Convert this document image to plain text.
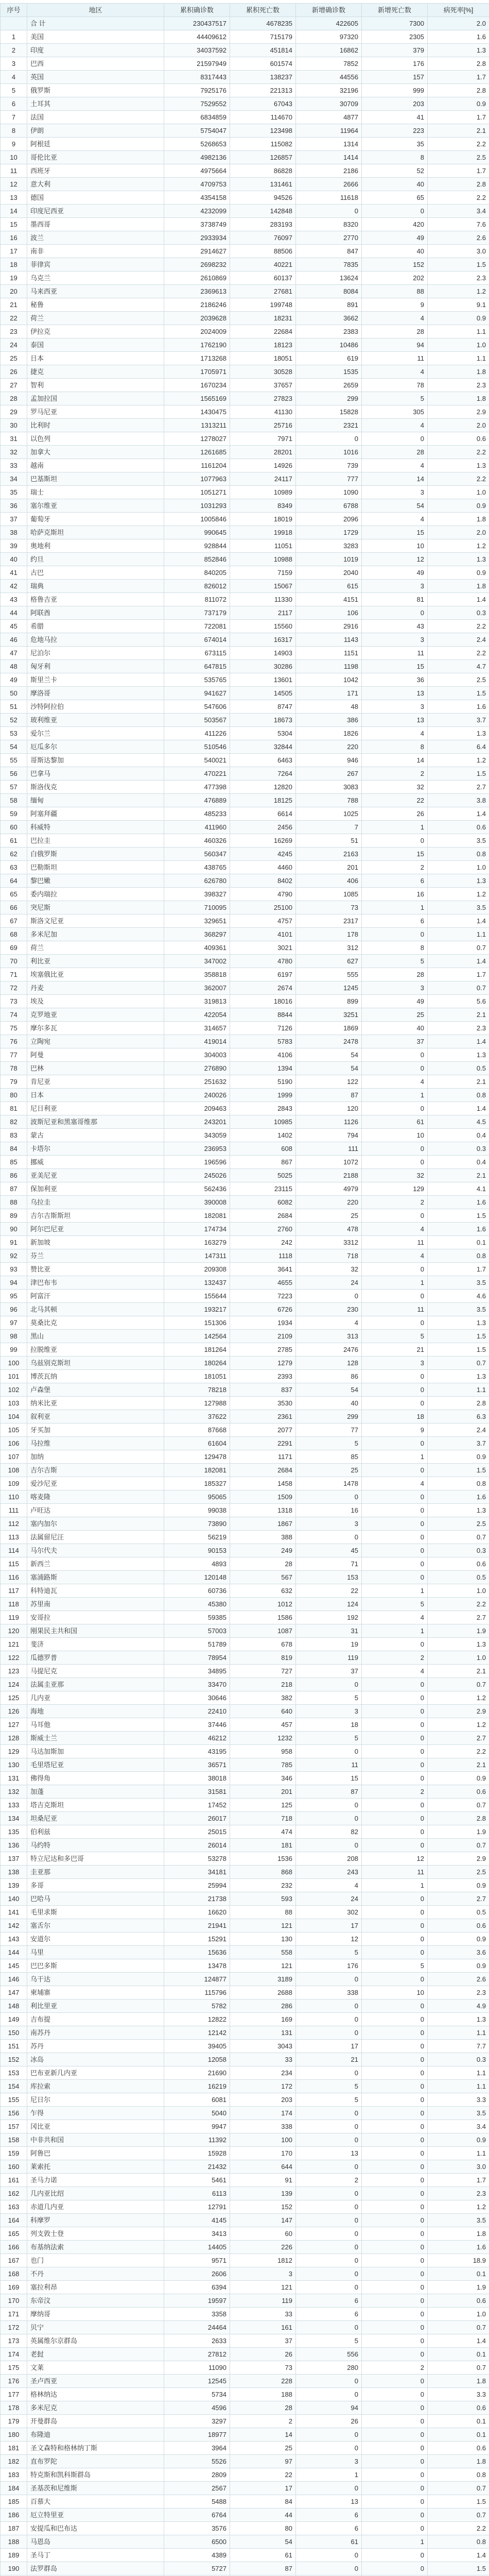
序号	地区	累积确诊数	累积死亡数	新增确诊数	新增死亡数	病死率[%]
	合 计	230437517	4678235	422605	7300	2.0
1	美国	44409612	715179	97320	2305	1.6
2	印度	34037592	451814	16862	379	1.3
3	巴西	21597949	601574	7852	176	2.8
4	英国	8317443	138237	44556	157	1.7
5	俄罗斯	7925176	221313	32196	999	2.8
6	土耳其	7529552	67043	30709	203	0.9
7	法国	6834859	114670	4877	41	1.7
8	伊朗	5754047	123498	11964	223	2.1
9	阿根廷	5268653	115082	1314	35	2.2
10	哥伦比亚	4982136	126857	1414	8	2.5
11	西班牙	4975664	86828	2186	52	1.7
12	意大利	4709753	131461	2666	40	2.8
13	德国	4354158	94526	11618	65	2.2
14	印度尼西亚	4232099	142848	0	0	3.4
15	墨西哥	3738749	283193	8320	420	7.6
16	波兰	2933934	76097	2770	49	2.6
17	南非	2914627	88506	847	40	3.0
18	菲律宾	2698232	40221	7835	152	1.5
19	乌克兰	2610869	60137	13624	202	2.3
20	马来西亚	2369613	27681	8084	88	1.2
21	秘鲁	2186246	199748	891	9	9.1
22	荷兰	2039628	18231	3662	4	0.9
23	伊拉克	2024009	22684	2383	28	1.1
24	泰国	1762190	18123	10486	94	1.0
25	日本	1713268	18051	619	11	1.1
26	捷克	1705971	30528	1535	4	1.8
27	智利	1670234	37657	2659	78	2.3
28	孟加拉国	1565169	27823	299	5	1.8
29	罗马尼亚	1430475	41130	15828	305	2.9
30	比利时	1313211	25716	2321	4	2.0
31	以色列	1278027	7971	0	0	0.6
32	加拿大	1261685	28201	1016	28	2.2
33	越南	1161204	14926	739	4	1.3
34	巴基斯坦	1077963	24117	777	14	2.2
35	瑞士	1051271	10989	1090	3	1.0
36	塞尔维亚	1031293	8349	6788	54	0.9
37	葡萄牙	1005846	18019	2096	4	1.8
38	哈萨克斯坦	990645	19918	1729	15	2.0
39	奥地利	928844	11051	3283	10	1.2
40	约旦	852846	10988	1019	12	1.3
41	古巴	840205	7159	2040	49	0.9
42	瑞典	826012	15067	615	3	1.8
43	格鲁吉亚	811072	11330	4151	81	1.4
44	阿联酋	737179	2117	106	0	0.3
45	希腊	722081	15560	2916	43	2.2
46	危地马拉	674014	16317	1143	3	2.4
47	尼泊尔	673115	14903	1151	11	2.2
48	匈牙利	647815	30286	1198	15	4.7
49	斯里兰卡	535765	13601	1042	36	2.5
50	摩洛哥	941627	14505	171	13	1.5
51	沙特阿拉伯	547606	8747	48	3	1.6
52	玻利维亚	503567	18673	386	13	3.7
53	爱尔兰	411226	5304	1826	4	1.3
54	厄瓜多尔	510546	32844	220	8	6.4
55	哥斯达黎加	540021	6463	946	14	1.2
56	巴拿马	470221	7264	267	2	1.5
57	斯洛伐克	477398	12820	3083	32	2.7
58	缅甸	476889	18125	788	22	3.8
59	阿塞拜疆	485233	6614	1025	26	1.4
60	科威特	411960	2456	7	1	0.6
61	巴拉圭	460326	16269	51	0	3.5
62	白俄罗斯	560347	4245	2163	15	0.8
63	巴勒斯坦	438765	4460	201	2	1.0
64	黎巴嫩	626780	8402	406	6	1.3
65	委内瑞拉	398327	4790	1085	16	1.2
66	突尼斯	710095	25100	73	1	3.5
67	斯洛文尼亚	329651	4757	2317	6	1.4
68	多米尼加	368297	4101	178	0	1.1
69	荷兰	409361	3021	312	8	0.7
70	利比亚	347002	4780	627	5	1.4
71	埃塞俄比亚	358818	6197	555	28	1.7
72	丹麦	362007	2674	1245	3	0.7
73	埃及	319813	18016	899	49	5.6
74	克罗地亚	422054	8844	3251	25	2.1
75	摩尔多瓦	314657	7126	1869	40	2.3
76	立陶宛	419014	5783	2478	37	1.4
77	阿曼	304003	4106	54	0	1.3
78	巴林	276890	1394	54	0	0.5
79	肯尼亚	251632	5190	122	4	2.1
80	日本	240026	1999	87	1	0.8
81	尼日利亚	209463	2843	120	0	1.4
82	波斯尼亚和黑塞哥维那	243201	10985	1126	61	4.5
83	蒙古	343059	1402	794	10	0.4
84	卡塔尔	236953	608	111	0	0.3
85	挪威	196596	867	1072	0	0.4
86	亚美尼亚	245026	5025	2188	32	2.1
87	保加利亚	562436	23115	4979	129	4.1
88	乌拉圭	390008	6082	220	2	1.6
89	吉尔吉斯斯坦	182081	2684	25	0	1.5
90	阿尔巴尼亚	174734	2760	478	4	1.6
91	新加坡	163279	242	3312	11	0.1
92	芬兰	147311	1118	718	4	0.8
93	赞比亚	209308	3641	32	0	1.7
94	津巴布韦	132437	4655	24	1	3.5
95	阿富汗	155644	7223	0	0	4.6
96	北马其顿	193217	6726	230	11	3.5
97	莫桑比克	151306	1934	4	0	1.3
98	黑山	142564	2109	313	5	1.5
99	拉脱维亚	181264	2785	2476	21	1.5
100	乌兹别克斯坦	180264	1279	128	3	0.7
101	博茨瓦纳	181051	2393	86	0	1.3
102	卢森堡	78218	837	54	0	1.1
103	纳米比亚	127988	3530	40	0	2.8
104	叙利亚	37622	2361	299	18	6.3
105	牙买加	87668	2077	77	9	2.4
106	马拉维	61604	2291	5	0	3.7
107	加纳	129478	1171	85	1	0.9
108	吉尔吉斯	182081	2684	25	0	1.5
109	爱沙尼亚	185327	1458	1478	4	0.8
110	喀麦隆	95065	1509	0	0	1.6
111	卢旺达	99038	1318	16	0	1.3
112	塞内加尔	73890	1867	3	0	2.5
113	法属留尼汪	56219	388	0	0	0.7
114	马尔代夫	90153	249	45	0	0.3
115	新西兰	4893	28	71	0	0.6
116	塞浦路斯	120148	567	153	0	0.5
117	科特迪瓦	60736	632	22	1	1.0
118	苏里南	45380	1012	124	5	2.2
119	安哥拉	59385	1586	192	4	2.7
120	刚果民主共和国	57003	1087	31	1	1.9
121	斐济	51789	678	19	0	1.3
122	瓜德罗普	78954	819	119	2	1.0
123	马提尼克	34895	727	37	4	2.1
124	法属圭亚那	33470	218	0	0	0.7
125	几内亚	30646	382	5	0	1.2
126	海地	22410	640	3	0	2.9
127	马耳他	37446	457	18	0	1.2
128	斯威士兰	46212	1232	5	0	2.7
129	马达加斯加	43195	958	0	0	2.2
130	毛里塔尼亚	36571	785	11	0	2.1
131	佛得角	38018	346	15	0	0.9
132	加蓬	31581	201	87	2	0.6
133	塔吉克斯坦	17452	125	0	0	0.7
134	坦桑尼亚	26017	718	0	0	2.8
135	伯利兹	25015	474	82	0	1.9
136	马约特	26014	181	0	0	0.7
137	特立尼达和多巴哥	53278	1536	208	12	2.9
138	圭亚那	34181	868	243	11	2.5
139	多哥	25994	232	4	1	0.9
140	巴哈马	21738	593	24	0	2.7
141	毛里求斯	16620	88	302	0	0.5
142	塞舌尔	21941	121	17	0	0.6
143	安道尔	15291	130	12	0	0.9
144	马里	15636	558	5	0	3.6
145	巴巴多斯	13478	121	176	5	0.9
146	乌干达	124877	3189	0	0	2.6
147	柬埔寨	115796	2688	338	10	2.3
148	利比里亚	5782	286	0	0	4.9
149	吉布提	12822	169	0	0	1.3
150	南苏丹	12142	131	0	0	1.1
151	苏丹	39405	3043	17	0	7.7
152	冰岛	12058	33	21	0	0.3
153	巴布亚新几内亚	21690	234	0	0	1.1
154	库拉索	16219	172	5	0	1.1
155	尼日尔	6081	203	5	0	3.3
156	乍得	5040	174	0	0	3.5
157	冈比亚	9947	338	0	0	3.4
158	中非共和国	11392	100	0	0	0.9
159	阿鲁巴	15928	170	13	0	1.1
160	莱索托	21432	644	0	0	3.0
161	圣马力诺	5461	91	2	0	1.7
162	几内亚比绍	6113	139	0	0	2.3
163	赤道几内亚	12791	152	0	0	1.2
164	科摩罗	4145	147	0	0	3.5
165	列支敦士登	3413	60	0	0	1.8
166	布基纳法索	14405	226	0	0	1.6
167	也门	9571	1812	0	0	18.9
168	不丹	2606	3	0	0	0.1
169	塞拉利昂	6394	121	0	0	1.9
170	东帝汶	19597	119	6	0	0.6
171	摩纳哥	3358	33	6	0	1.0
172	贝宁	24464	161	0	0	0.7
173	英属维尔京群岛	2633	37	5	0	1.4
174	老挝	27812	26	556	0	0.1
175	文莱	11090	73	280	2	0.7
176	圣卢西亚	12545	228	0	0	1.8
177	格林纳达	5734	188	0	0	3.3
178	多米尼克	4596	28	94	0	0.6
179	开曼群岛	3297	2	26	0	0.1
180	布隆迪	18977	14	0	0	0.1
181	圣文森特和格林纳丁斯	3964	25	0	0	0.6
182	直布罗陀	5526	97	3	0	1.8
183	特克斯和凯科斯群岛	2809	22	1	0	0.8
184	圣基茨和尼维斯	2567	17	0	0	0.7
185	百慕大	5488	84	13	0	1.5
186	厄立特里亚	6764	44	6	0	0.7
187	安提瓜和巴布达	3576	80	6	0	2.2
188	马恩岛	6500	54	61	1	0.8
189	圣马丁	4389	61	0	0	1.4
190	法罗群岛	5727	87	0	0	1.5
